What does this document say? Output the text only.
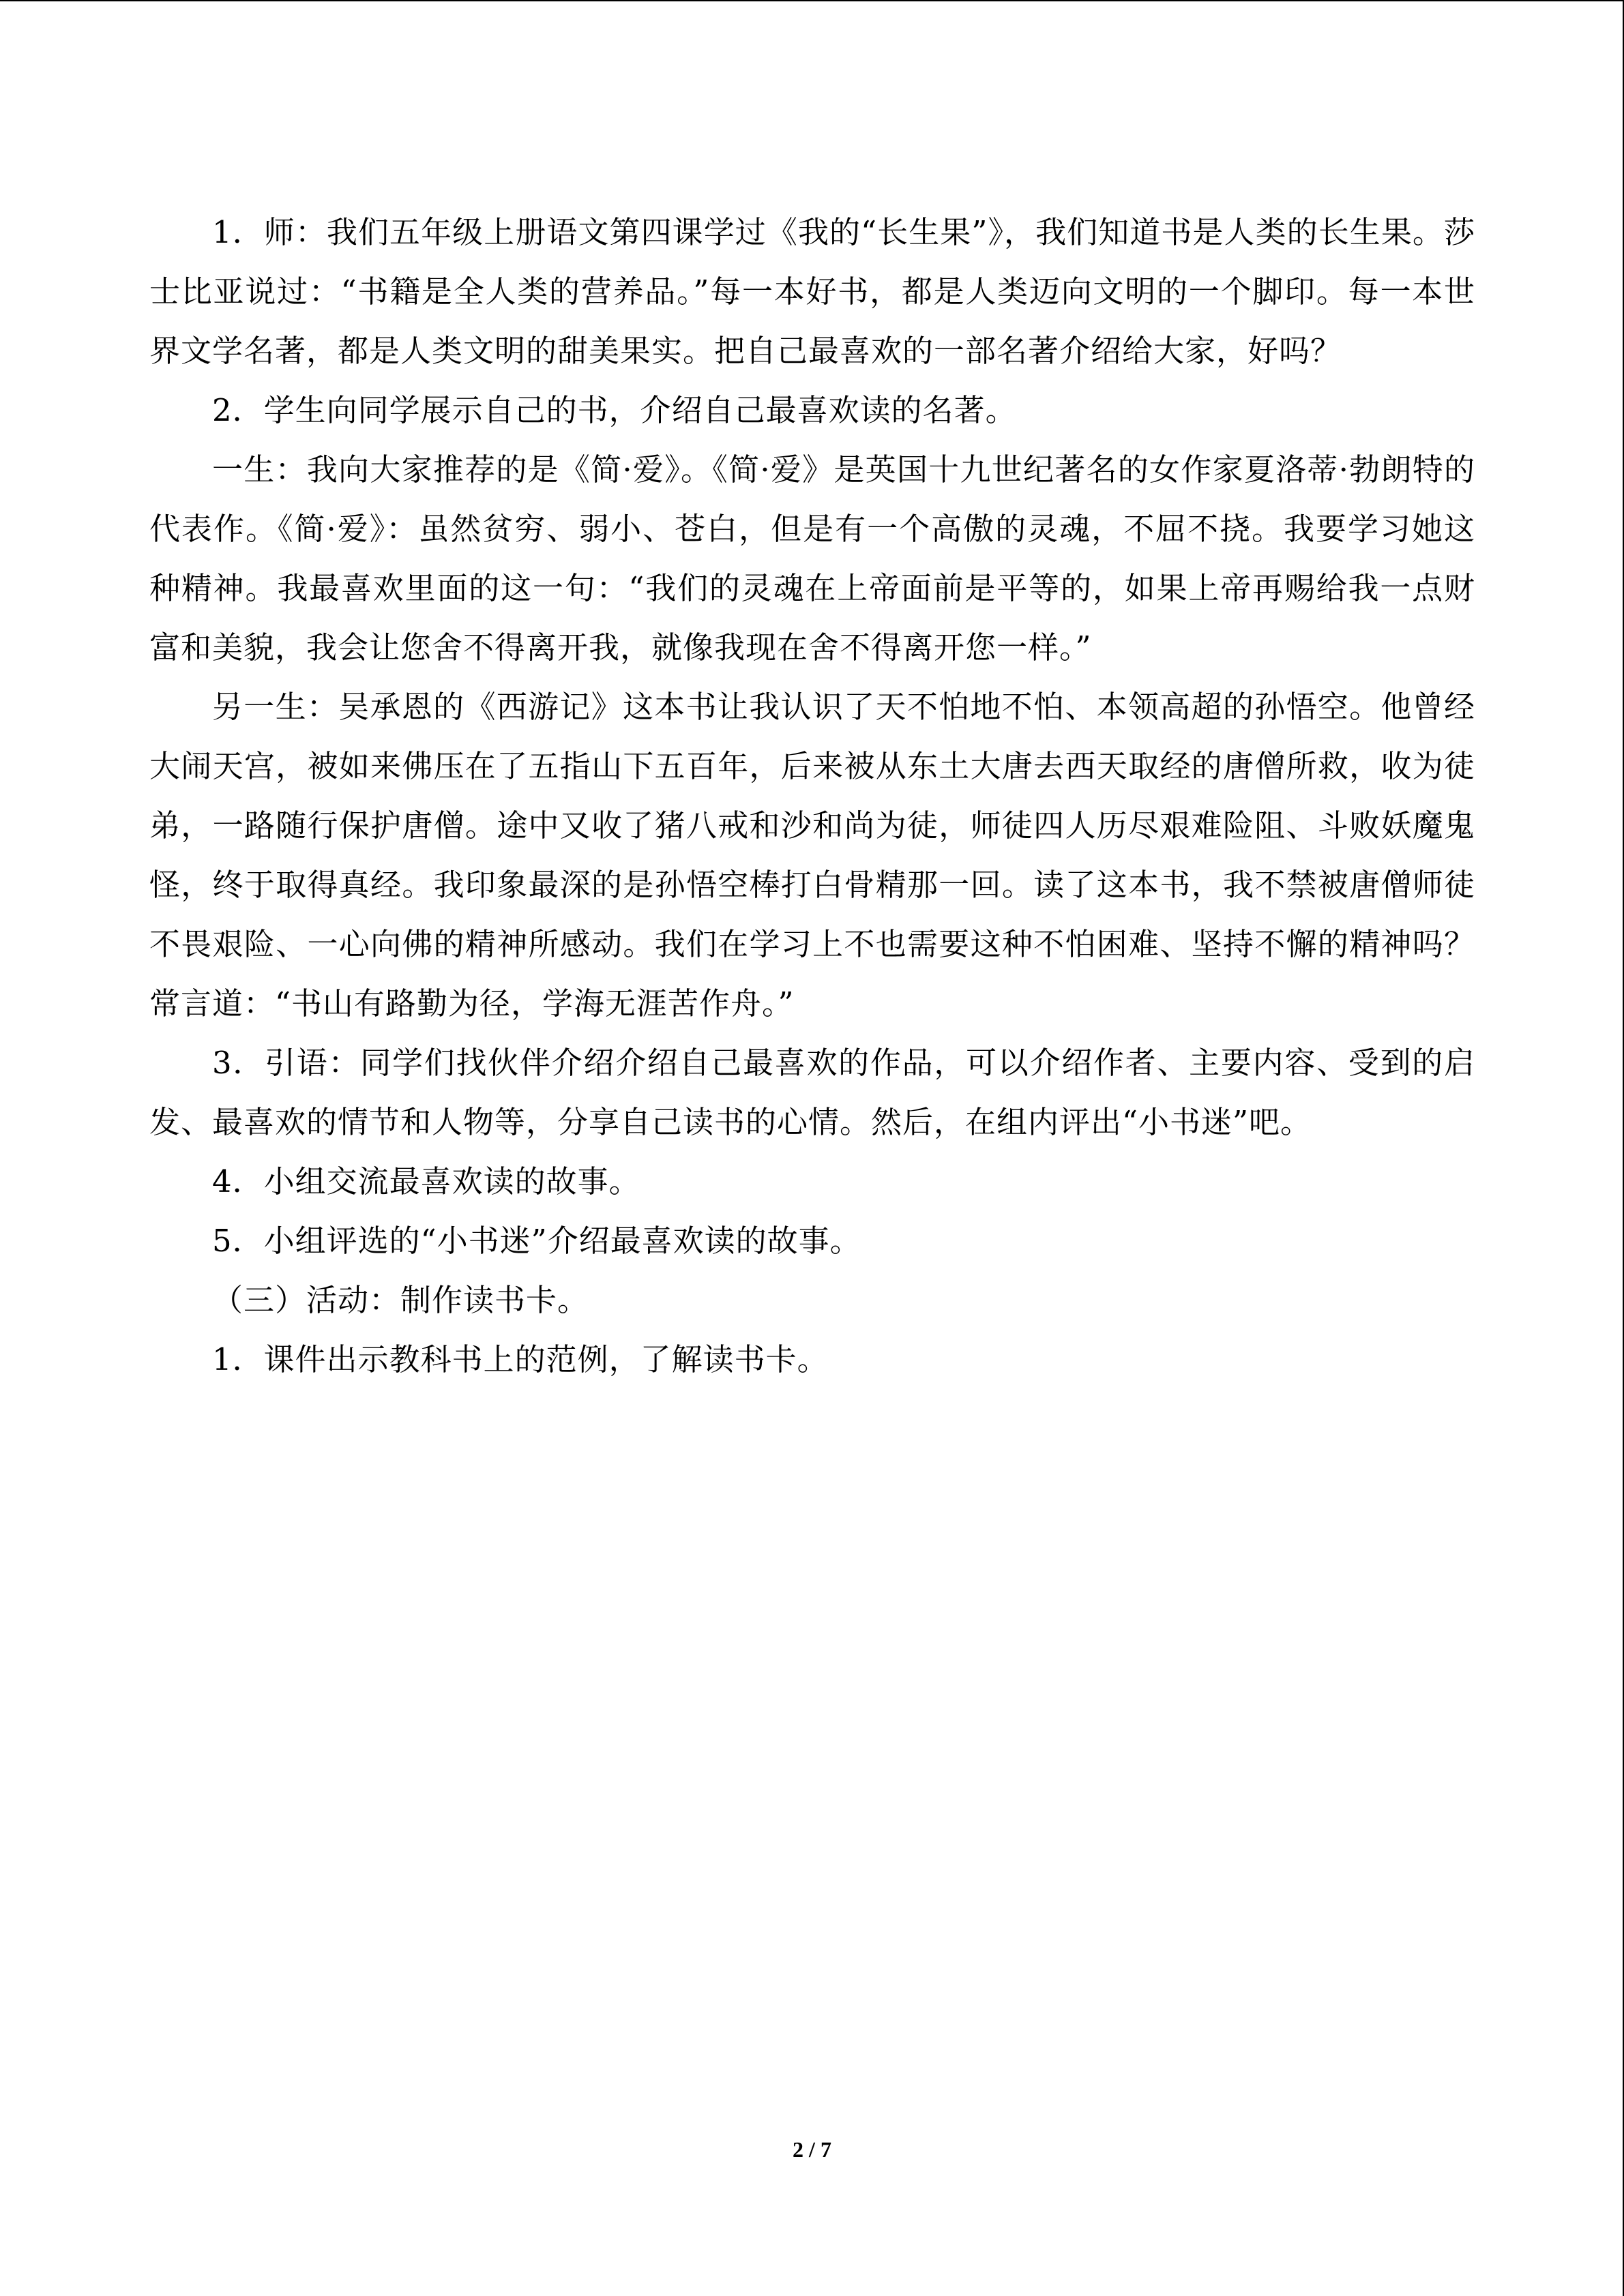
1．师：我们五年级上册语文第四课学过《我的“长生果”》，我们知道书是人类的长生果。莎士比亚说过：“书籍是全人类的营养品。”每一本好书，都是人类迈向文明的一个脚印。每一本世界文学名著，都是人类文明的甜美果实。把自己最喜欢的一部名著介绍给大家，好吗？

2．学生向同学展示自己的书，介绍自己最喜欢读的名著。

一生：我向大家推荐的是《简·爱》。《简·爱》是英国十九世纪著名的女作家夏洛蒂·勃朗特的代表作。《简·爱》：虽然贫穷、弱小、苍白，但是有一个高傲的灵魂，不屈不挠。我要学习她这种精神。我最喜欢里面的这一句：“我们的灵魂在上帝面前是平等的，如果上帝再赐给我一点财富和美貌，我会让您舍不得离开我，就像我现在舍不得离开您一样。”

另一生：吴承恩的《西游记》这本书让我认识了天不怕地不怕、本领高超的孙悟空。他曾经大闹天宫，被如来佛压在了五指山下五百年，后来被从东土大唐去西天取经的唐僧所救，收为徒弟，一路随行保护唐僧。途中又收了猪八戒和沙和尚为徒，师徒四人历尽艰难险阻、斗败妖魔鬼怪，终于取得真经。我印象最深的是孙悟空棒打白骨精那一回。读了这本书，我不禁被唐僧师徒不畏艰险、一心向佛的精神所感动。我们在学习上不也需要这种不怕困难、坚持不懈的精神吗？常言道：“书山有路勤为径，学海无涯苦作舟。”

3．引语：同学们找伙伴介绍介绍自己最喜欢的作品，可以介绍作者、主要内容、受到的启发、最喜欢的情节和人物等，分享自己读书的心情。然后，在组内评出“小书迷”吧。

4．小组交流最喜欢读的故事。

5．小组评选的“小书迷”介绍最喜欢读的故事。

（三）活动：制作读书卡。

1．课件出示教科书上的范例，了解读书卡。

2 / 7
